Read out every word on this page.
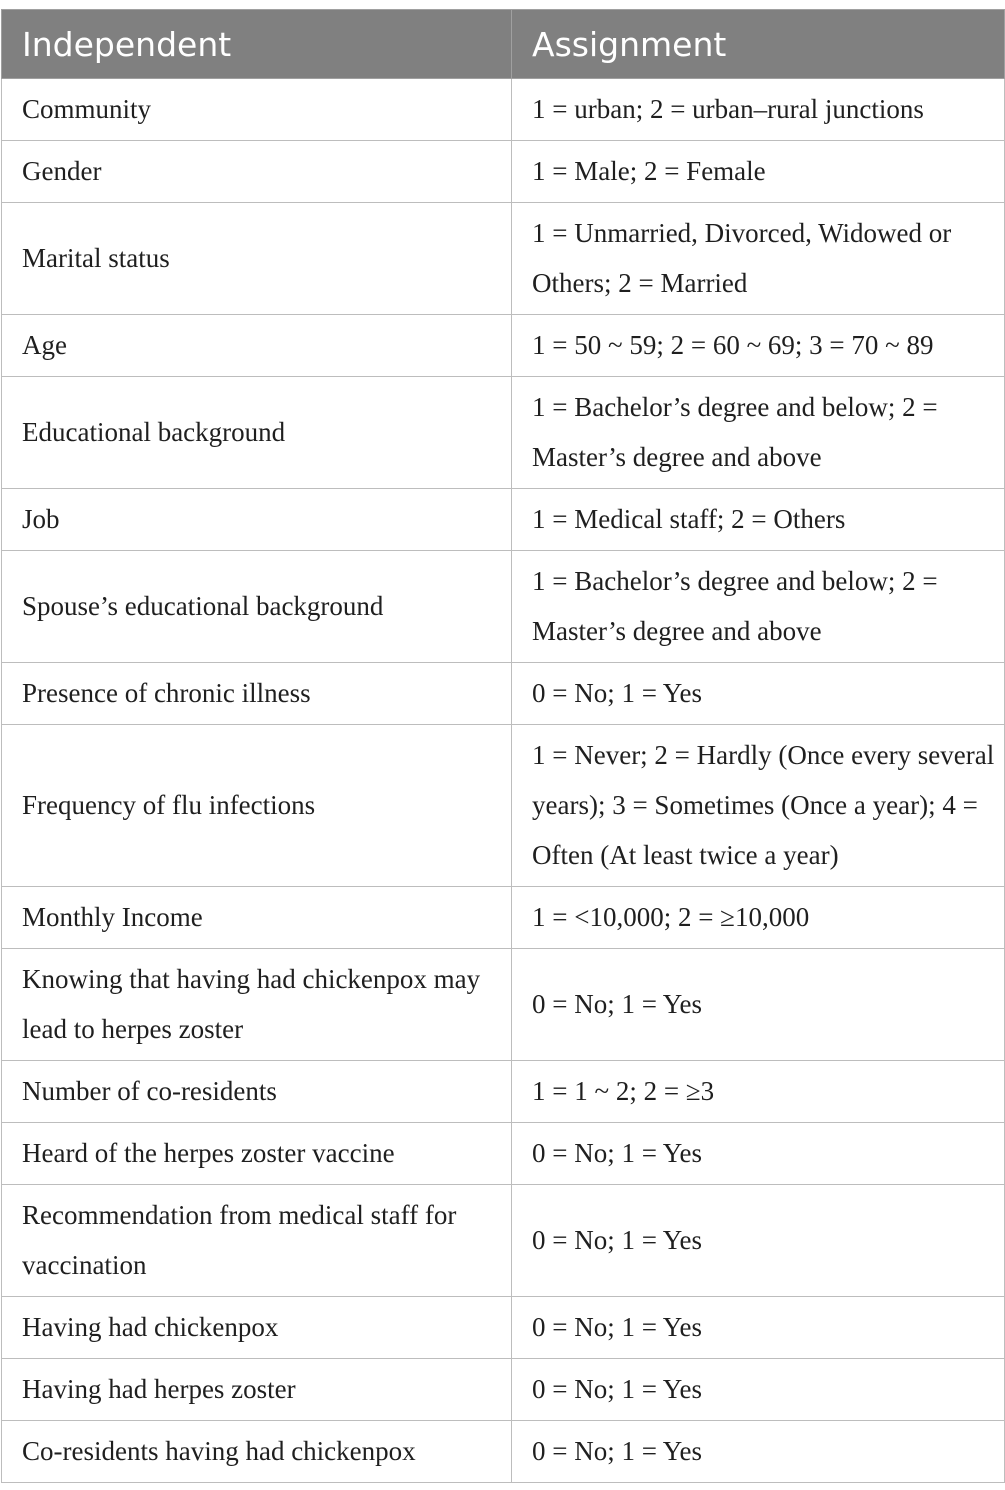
Independent	Assignment
Community	1 = urban; 2 = urban–rural junctions
Gender	1 = Male; 2 = Female
Marital status	1 = Unmarried, Divorced, Widowed or Others; 2 = Married
Age	1 = 50 ~ 59; 2 = 60 ~ 69; 3 = 70 ~ 89
Educational background	1 = Bachelor’s degree and below; 2 = Master’s degree and above
Job	1 = Medical staff; 2 = Others
Spouse’s educational background	1 = Bachelor’s degree and below; 2 = Master’s degree and above
Presence of chronic illness	0 = No; 1 = Yes
Frequency of flu infections	1 = Never; 2 = Hardly (Once every several years); 3 = Sometimes (Once a year); 4 = Often (At least twice a year)
Monthly Income	1 = <10,000; 2 = ≥10,000
Knowing that having had chickenpox may lead to herpes zoster	0 = No; 1 = Yes
Number of co-residents	1 = 1 ~ 2; 2 = ≥3
Heard of the herpes zoster vaccine	0 = No; 1 = Yes
Recommendation from medical staff for vaccination	0 = No; 1 = Yes
Having had chickenpox	0 = No; 1 = Yes
Having had herpes zoster	0 = No; 1 = Yes
Co-residents having had chickenpox	0 = No; 1 = Yes
